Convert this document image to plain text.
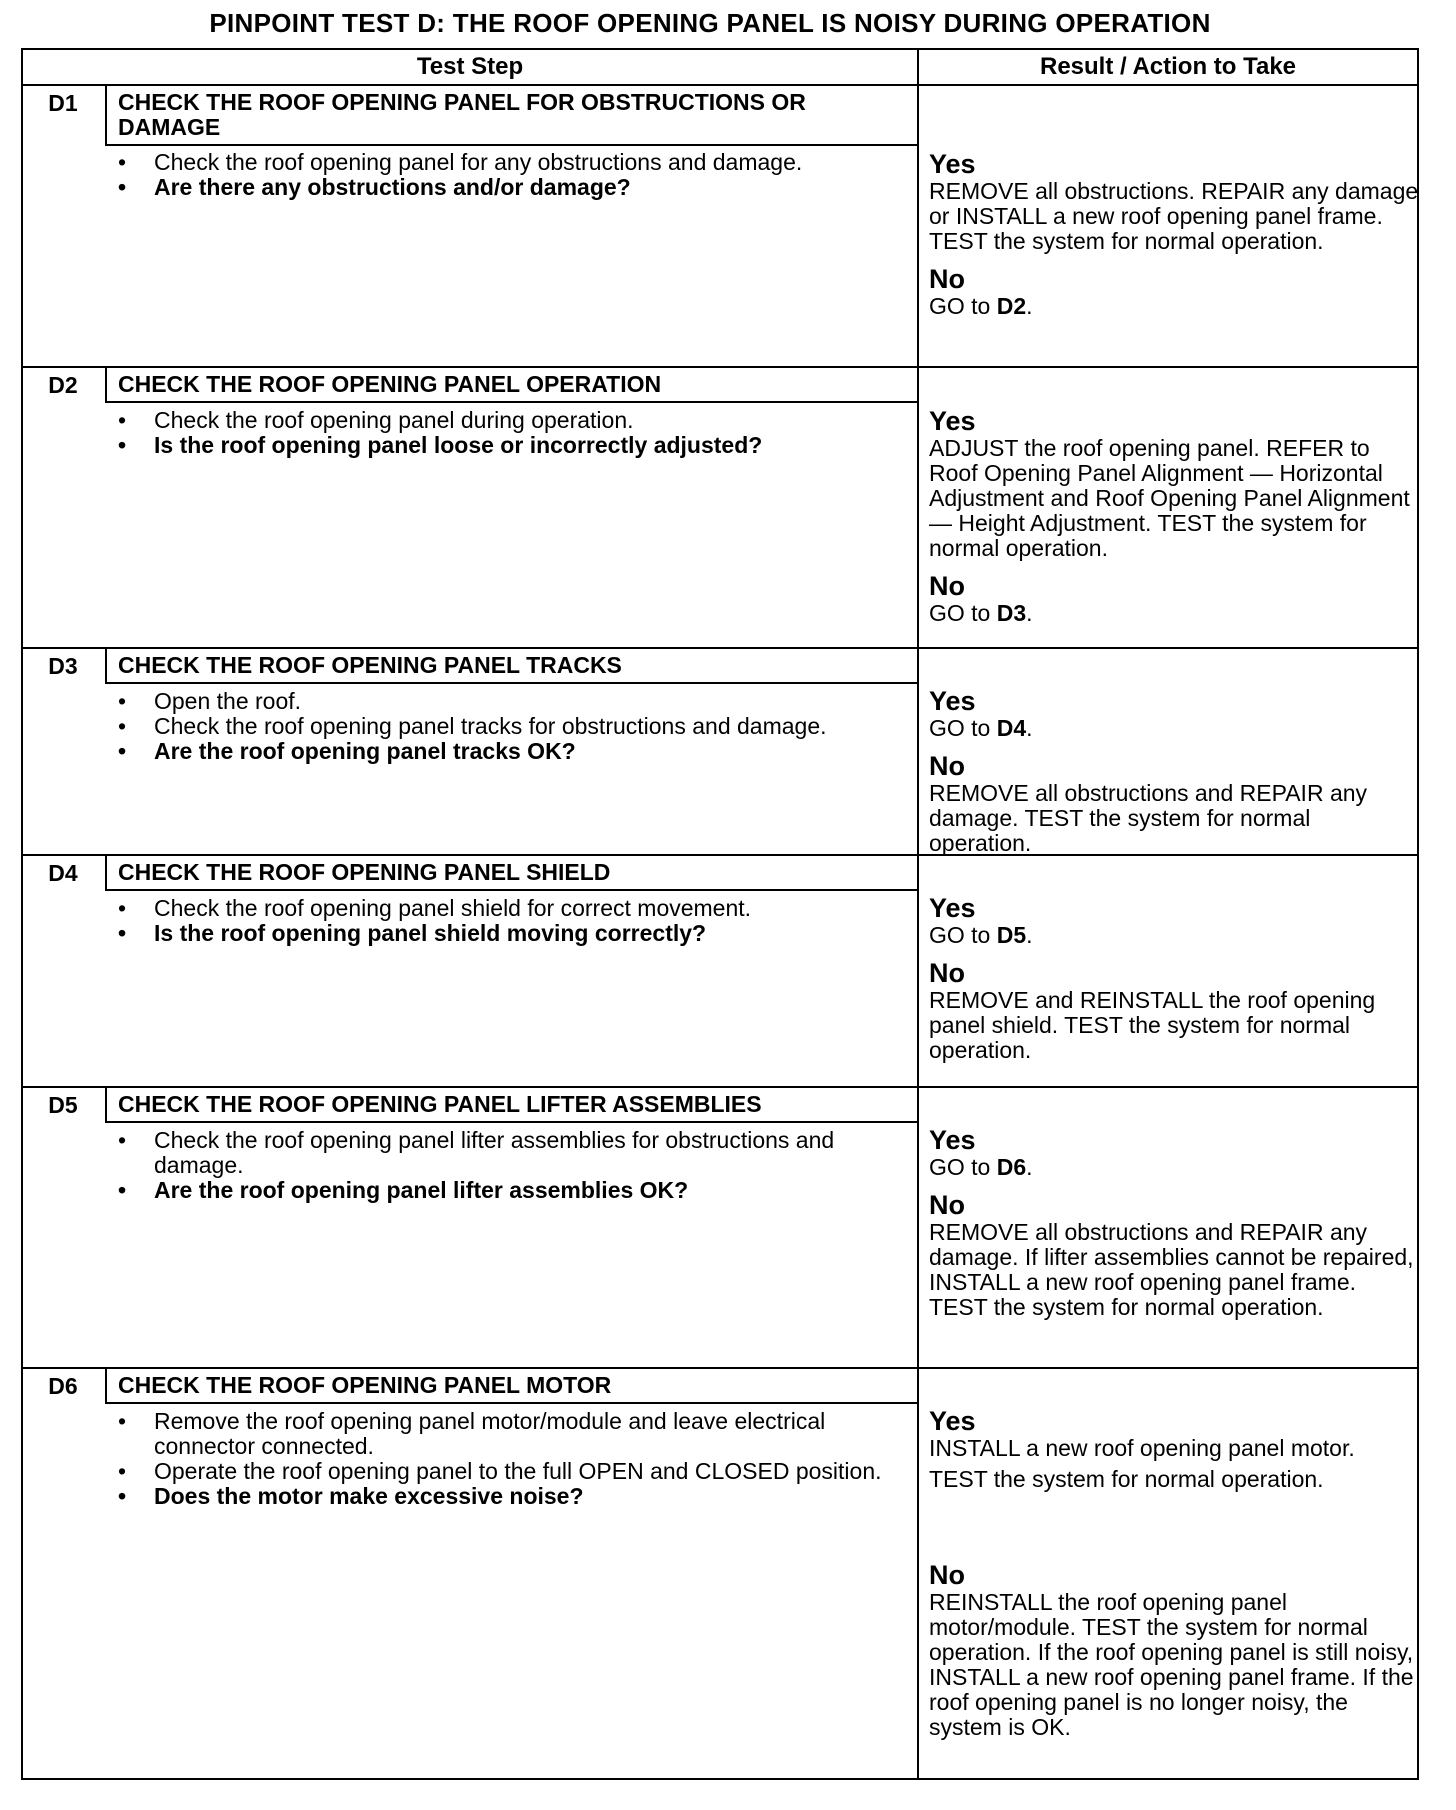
PINPOINT TEST D: THE ROOF OPENING PANEL IS NOISY DURING OPERATION
Test Step	Result / Action to Take
D1	CHECK THE ROOF OPENING PANEL FOR OBSTRUCTIONS OR DAMAGE
• Check the roof opening panel for any obstructions and damage.
• Are there any obstructions and/or damage?
Yes

REMOVE all obstructions. REPAIR any damage or INSTALL a new roof opening panel frame. TEST the system for normal operation.

No

GO to D2.

D2	CHECK THE ROOF OPENING PANEL OPERATION
• Check the roof opening panel during operation.
• Is the roof opening panel loose or incorrectly adjusted?
Yes

ADJUST the roof opening panel. REFER to Roof Opening Panel Alignment — Horizontal Adjustment and Roof Opening Panel Alignment — Height Adjustment. TEST the system for normal operation.

No

GO to D3.

D3	CHECK THE ROOF OPENING PANEL TRACKS
• Open the roof.
• Check the roof opening panel tracks for obstructions and damage.
• Are the roof opening panel tracks OK?
Yes

GO to D4.

No

REMOVE all obstructions and REPAIR any damage. TEST the system for normal operation.

D4	CHECK THE ROOF OPENING PANEL SHIELD
• Check the roof opening panel shield for correct movement.
• Is the roof opening panel shield moving correctly?
Yes

GO to D5.

No

REMOVE and REINSTALL the roof opening panel shield. TEST the system for normal operation.

D5	CHECK THE ROOF OPENING PANEL LIFTER ASSEMBLIES
• Check the roof opening panel lifter assemblies for obstructions and damage.
• Are the roof opening panel lifter assemblies OK?
Yes

GO to D6.

No

REMOVE all obstructions and REPAIR any damage. If lifter assemblies cannot be repaired, INSTALL a new roof opening panel frame. TEST the system for normal operation.

D6	CHECK THE ROOF OPENING PANEL MOTOR
• Remove the roof opening panel motor/module and leave electrical connector connected.
• Operate the roof opening panel to the full OPEN and CLOSED position.
• Does the motor make excessive noise?
Yes

INSTALL a new roof opening panel motor.

TEST the system for normal operation.

No

REINSTALL the roof opening panel motor/module. TEST the system for normal operation. If the roof opening panel is still noisy, INSTALL a new roof opening panel frame. If the roof opening panel is no longer noisy, the system is OK.
